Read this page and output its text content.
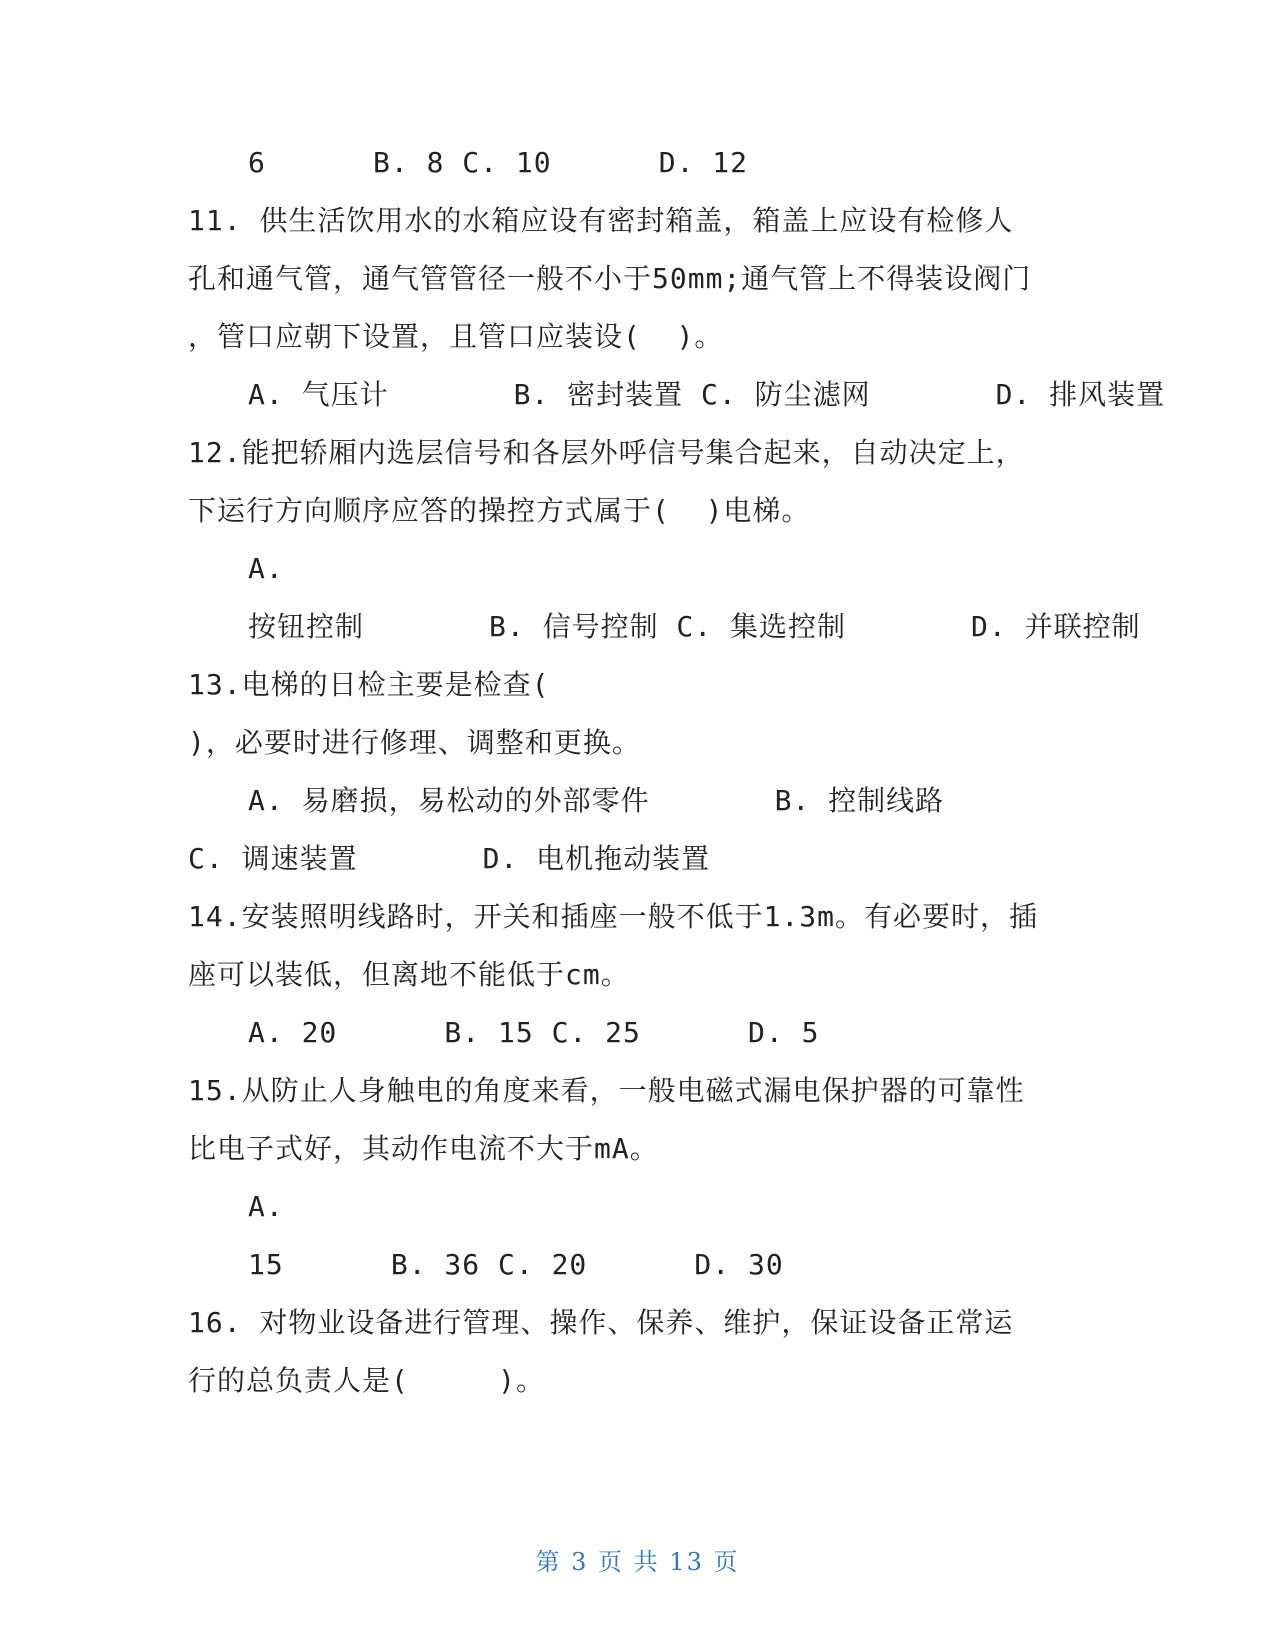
6      B. 8 C. 10      D. 12
11. 供生活饮用水的水箱应设有密封箱盖，箱盖上应设有检修人
孔和通气管，通气管管径一般不小于50mm;通气管上不得装设阀门
，管口应朝下设置，且管口应装设(  )。
A. 气压计       B. 密封装置 C. 防尘滤网       D. 排风装置
12.能把轿厢内选层信号和各层外呼信号集合起来，自动决定上，
下运行方向顺序应答的操控方式属于(  )电梯。
A.
按钮控制       B. 信号控制 C. 集选控制       D. 并联控制
13.电梯的日检主要是检查(
)，必要时进行修理、调整和更换。
A. 易磨损，易松动的外部零件       B. 控制线路
C. 调速装置       D. 电机拖动装置
14.安装照明线路时，开关和插座一般不低于1.3m。有必要时，插
座可以装低，但离地不能低于cm。
A. 20      B. 15 C. 25      D. 5
15.从防止人身触电的角度来看，一般电磁式漏电保护器的可靠性
比电子式好，其动作电流不大于mA。
A.
15      B. 36 C. 20      D. 30
16. 对物业设备进行管理、操作、保养、维护，保证设备正常运
行的总负责人是(     )。
第 3 页 共 13 页
